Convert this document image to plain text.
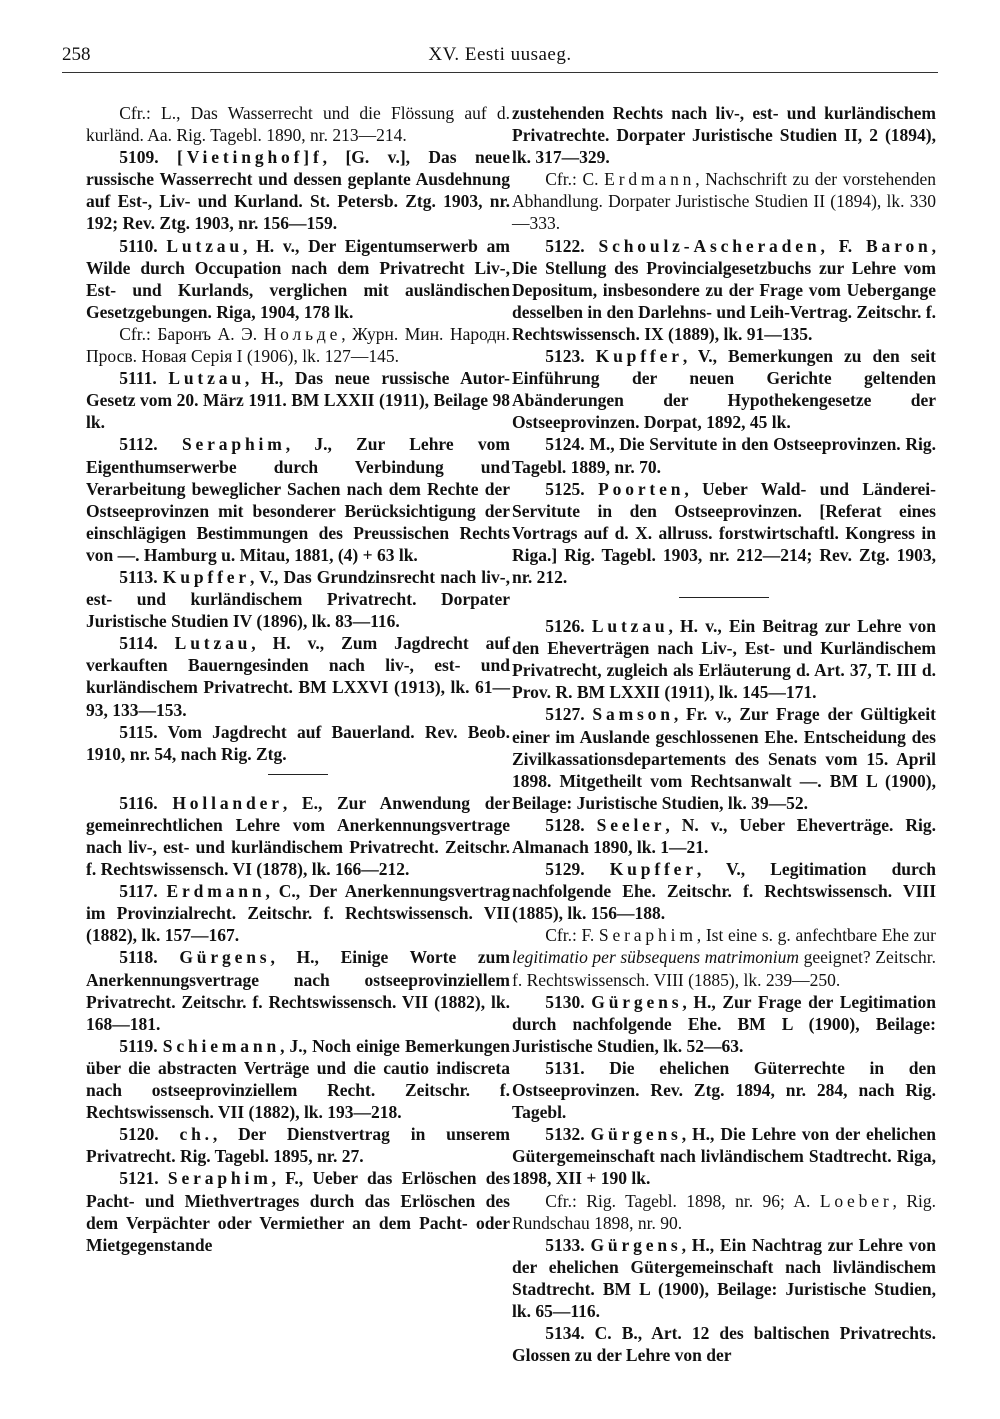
258	XV. Eesti uusaeg.

Cfr.: L., Das Wasserrecht und die Flössung auf d. kurländ. Aa. Rig. Tagebl. 1890, nr. 213—214.

5109. [Vietinghof]f, [G. v.], Das neue russische Wasserrecht und dessen geplante Ausdehnung auf Est-, Liv- und Kurland. St. Petersb. Ztg. 1903, nr. 192; Rev. Ztg. 1903, nr. 156—159.

5110. Lutzau, H. v., Der Eigentumserwerb am Wilde durch Occupation nach dem Privatrecht Liv-, Est- und Kurlands, verglichen mit ausländischen Gesetzgebungen. Riga, 1904, 178 lk.

Cfr.: Баронъ А. Э. Нольде, Журн. Мин. Народн. Просв. Новая Серія I (1906), lk. 127—145.

5111. Lutzau, H., Das neue russische Autor-Gesetz vom 20. März 1911. BM LXXII (1911), Beilage 98 lk.

5112. Seraphim, J., Zur Lehre vom Eigenthumserwerbe durch Verbindung und Verarbeitung beweglicher Sachen nach dem Rechte der Ostseeprovinzen mit besonderer Berücksichtigung der einschlägigen Bestimmungen des Preussischen Rechts von —. Hamburg u. Mitau, 1881, (4) + 63 lk.

5113. Kupffer, V., Das Grundzinsrecht nach liv-, est- und kurländischem Privatrecht. Dorpater Juristische Studien IV (1896), lk. 83—116.

5114. Lutzau, H. v., Zum Jagdrecht auf verkauften Bauerngesinden nach liv-, est- und kurländischem Privatrecht. BM LXXVI (1913), lk. 61—93, 133—153.

5115. Vom Jagdrecht auf Bauerland. Rev. Beob. 1910, nr. 54, nach Rig. Ztg.

5116. Hollander, E., Zur Anwendung der gemeinrechtlichen Lehre vom Anerkennungsvertrage nach liv-, est- und kurländischem Privatrecht. Zeitschr. f. Rechtswissensch. VI (1878), lk. 166—212.

5117. Erdmann, C., Der Anerkennungsvertrag im Provinzialrecht. Zeitschr. f. Rechtswissensch. VII (1882), lk. 157—167.

5118. Gürgens, H., Einige Worte zum Anerkennungsvertrage nach ostseeprovinziellem Privatrecht. Zeitschr. f. Rechtswissensch. VII (1882), lk. 168—181.

5119. Schiemann, J., Noch einige Bemerkungen über die abstracten Verträge und die cautio indiscreta nach ostseeprovinziellem Recht. Zeitschr. f. Rechtswissensch. VII (1882), lk. 193—218.

5120. ch., Der Dienstvertrag in unserem Privatrecht. Rig. Tagebl. 1895, nr. 27.

5121. Seraphim, F., Ueber das Erlöschen des Pacht- und Miethvertrages durch das Erlöschen des dem Verpächter oder Vermiether an dem Pacht- oder Mietgegenstande

zustehenden Rechts nach liv-, est- und kurländischem Privatrechte. Dorpater Juristische Studien II, 2 (1894), lk. 317—329.

Cfr.: C. Erdmann, Nachschrift zu der vorstehenden Abhandlung. Dorpater Juristische Studien II (1894), lk. 330—333.

5122. Schoulz-Ascheraden, F. Baron, Die Stellung des Provincialgesetzbuchs zur Lehre vom Depositum, insbesondere zu der Frage vom Uebergange desselben in den Darlehns- und Leih-Vertrag. Zeitschr. f. Rechtswissensch. IX (1889), lk. 91—135.

5123. Kupffer, V., Bemerkungen zu den seit Einführung der neuen Gerichte geltenden Abänderungen der Hypothekengesetze der Ostseeprovinzen. Dorpat, 1892, 45 lk.

5124. M., Die Servitute in den Ostseeprovinzen. Rig. Tagebl. 1889, nr. 70.

5125. Poorten, Ueber Wald- und Länderei-Servitute in den Ostseeprovinzen. [Referat eines Vortrags auf d. X. allruss. forstwirtschaftl. Kongress in Riga.] Rig. Tagebl. 1903, nr. 212—214; Rev. Ztg. 1903, nr. 212.

5126. Lutzau, H. v., Ein Beitrag zur Lehre von den Eheverträgen nach Liv-, Est- und Kurländischem Privatrecht, zugleich als Erläuterung d. Art. 37, T. III d. Prov. R. BM LXXII (1911), lk. 145—171.

5127. Samson, Fr. v., Zur Frage der Gültigkeit einer im Auslande geschlossenen Ehe. Entscheidung des Zivilkassationsdepartements des Senats vom 15. April 1898. Mitgetheilt vom Rechtsanwalt —. BM L (1900), Beilage: Juristische Studien, lk. 39—52.

5128. Seeler, N. v., Ueber Eheverträge. Rig. Almanach 1890, lk. 1—21.

5129. Kupffer, V., Legitimation durch nachfolgende Ehe. Zeitschr. f. Rechtswissensch. VIII (1885), lk. 156—188.

Cfr.: F. Seraphim, Ist eine s. g. anfechtbare Ehe zur legitimatio per sübsequens matrimonium geeignet? Zeitschr. f. Rechtswissensch. VIII (1885), lk. 239—250.

5130. Gürgens, H., Zur Frage der Legitimation durch nachfolgende Ehe. BM L (1900), Beilage: Juristische Studien, lk. 52—63.

5131. Die ehelichen Güterrechte in den Ostseeprovinzen. Rev. Ztg. 1894, nr. 284, nach Rig. Tagebl.

5132. Gürgens, H., Die Lehre von der ehelichen Gütergemeinschaft nach livländischem Stadtrecht. Riga, 1898, XII + 190 lk.

Cfr.: Rig. Tagebl. 1898, nr. 96; A. Loeber, Rig. Rundschau 1898, nr. 90.

5133. Gürgens, H., Ein Nachtrag zur Lehre von der ehelichen Gütergemeinschaft nach livländischem Stadtrecht. BM L (1900), Beilage: Juristische Studien, lk. 65—116.

5134. C. B., Art. 12 des baltischen Privatrechts. Glossen zu der Lehre von der
